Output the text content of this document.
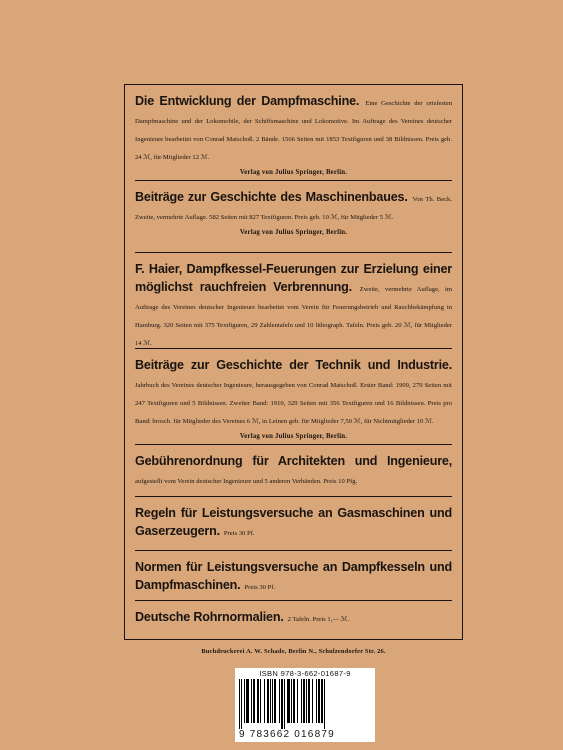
Die Entwicklung der Dampfmaschine. Eine Geschichte der ortsfesten Dampfmaschine und der Lokomobile, der Schiffsmaschine und Lokomotive. Im Auftrage des Vereines deutscher Ingenieure bearbeitet von Conrad Matschoß. 2 Bände. 1566 Seiten mit 1853 Textfiguren und 38 Bildnissen. Preis geb. 24 ℳ, für Mitglieder 12 ℳ.
Verlag von Julius Springer, Berlin.
Beiträge zur Geschichte des Maschinenbaues. Von Th. Beck. Zweite, vermehrte Auflage. 582 Seiten mit 827 Textfiguren. Preis geb. 10 ℳ, für Mitglieder 5 ℳ.
Verlag von Julius Springer, Berlin.
F. Haier, Dampfkessel-Feuerungen zur Erzielung einer möglichst rauchfreien Verbrennung. Zweite, vermehrte Auflage, im Auftrage des Vereines deutscher Ingenieure bearbeitet vom Verein für Feuerungsbetrieb und Rauchbekämpfung in Hamburg. 320 Seiten mit 375 Textfiguren, 29 Zahlentafeln und 10 lithograph. Tafeln. Preis geb. 20 ℳ, für Mitglieder 14 ℳ.
Beiträge zur Geschichte der Technik und Industrie. Jahrbuch des Vereines deutscher Ingenieure, herausgegeben von Conrad Matschoß. Erster Band: 1909, 279 Seiten mit 247 Textfiguren und 5 Bildnissen. Zweiter Band: 1910, 329 Seiten mit 356 Textfiguren und 16 Bildnissen. Preis pro Band: brosch. für Mitglieder des Vereines 6 ℳ, in Leinen geb. für Mitglieder 7,50 ℳ, für Nichtmitglieder 10 ℳ.
Verlag von Julius Springer, Berlin.
Gebührenordnung für Architekten und Ingenieure, aufgestellt vom Verein deutscher Ingenieure und 5 anderen Verbänden. Preis 10 Pfg.
Regeln für Leistungsversuche an Gasmaschinen und Gaserzeugern. Preis 30 Pf.
Normen für Leistungsversuche an Dampfkesseln und Dampfmaschinen. Preis 30 Pf.
Deutsche Rohrnormalien. 2 Tafeln. Preis 1,— ℳ.
Buchdruckerei A. W. Schade, Berlin N., Schulzendorfer Str. 26.
ISBN 978-3-662-01687-9
9 783662 016879
